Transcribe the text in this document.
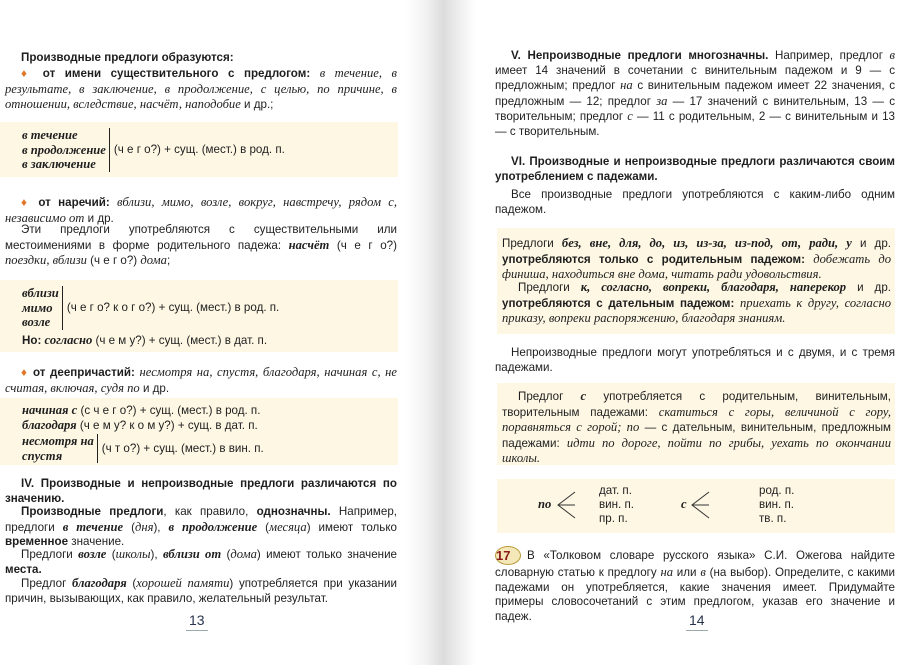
Производные предлоги образуются:
♦ от имени существительного с предлогом: в течение, в результате, в заключение, в продолжение, с целью, по причине, в отношении, вследствие, насчёт, наподобие и др.;
в течение
в продолжение
в заключение
(ч е г о?) + сущ. (мест.) в род. п.
♦ от наречий: вблизи, мимо, возле, вокруг, навстречу, рядом с, независимо от и др.
Эти предлоги употребляются с существительными или местоимениями в форме родительного падежа: насчёт (ч е г о?) поездки, вблизи (ч е г о?) дома;
вблизи
мимо
возле
(ч е г о? к о г о?) + сущ. (мест.) в род. п.
Но: согласно (ч е м у?) + сущ. (мест.) в дат. п.
♦ от деепричастий: несмотря на, спустя, благодаря, начиная с, не считая, включая, судя по и др.
начиная с (с ч е г о?) + сущ. (мест.) в род. п.
благодаря (ч е м у? к о м у?) + сущ. в дат. п.
несмотря на
спустя	(ч т о?) + сущ. (мест.) в вин. п.
IV. Производные и непроизводные предлоги различаются по значению.
Производные предлоги, как правило, однозначны. Например, предлоги в течение (дня), в продолжение (месяца) имеют только временное значение.
Предлоги возле (школы), вблизи от (дома) имеют только значение места.
Предлог благодаря (хорошей памяти) употребляется при указании причин, вызывающих, как правило, желательный результат.
13
V. Непроизводные предлоги многозначны. Например, предлог в имеет 14 значений в сочетании с винительным падежом и 9 — с предложным; предлог на с винительным падежом имеет 22 значения, с предложным — 12; предлог за — 17 значений с винительным, 13 — с творительным; предлог с — 11 с родительным, 2 — с винительным и 13 — с творительным.
VI. Производные и непроизводные предлоги различаются своим употреблением с падежами.
Все производные предлоги употребляются с каким-либо одним падежом.
Предлоги без, вне, для, до, из, из-за, из-под, от, ради, у и др. употребляются только с родительным падежом: добежать до финиша, находиться вне дома, читать ради удовольствия.
Предлоги к, согласно, вопреки, благодаря, наперекор и др. употребляются с дательным падежом: приехать к другу, согласно приказу, вопреки распоряжению, благодаря знаниям.
Непроизводные предлоги могут употребляться и с двумя, и с тремя падежами.
Предлог с употребляется с родительным, винительным, творительным падежами: скатиться с горы, величиной с гору, поравняться с горой; по — с дательным, винительным, предложным падежами: идти по дороге, пойти по грибы, уехать по окончании школы.
по
дат. п.
вин. п.
пр. п.
с
род. п.
вин. п.
тв. п.
17 В «Толковом словаре русского языка» С.И. Ожегова найдите словарную статью к предлогу на или в (на выбор). Определите, с какими падежами он употребляется, какие значения имеет. Придумайте примеры словосочетаний с этим предлогом, указав его значение и падеж.	14
